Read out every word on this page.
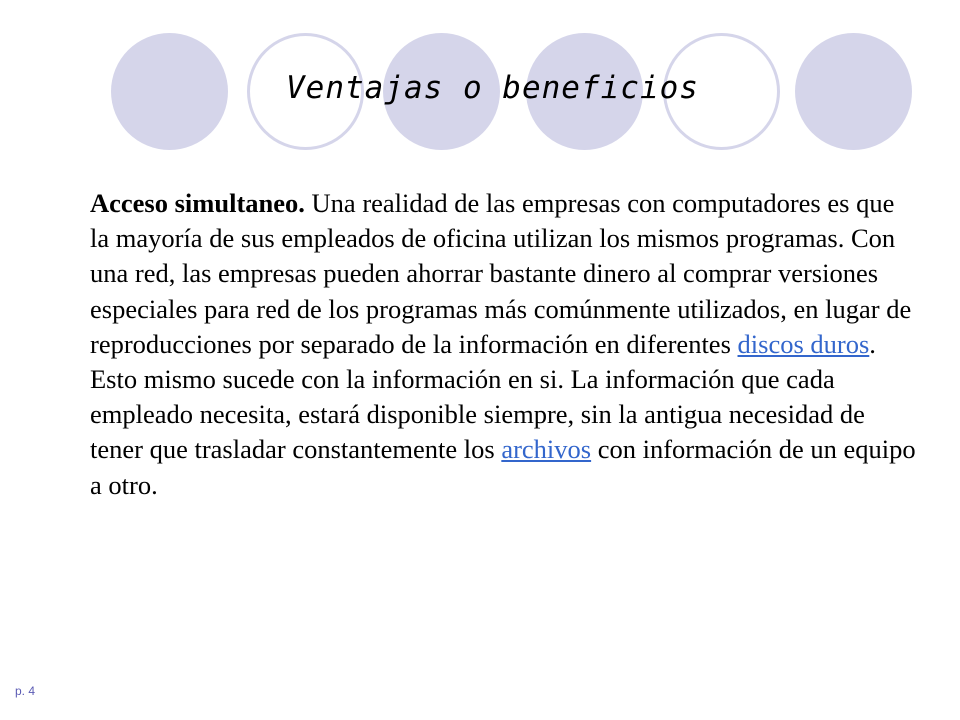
Ventajas o beneficios

Acceso simultaneo. Una realidad de las empresas con computadores es que la mayoría de sus empleados de oficina utilizan los mismos programas. Con una red, las empresas pueden ahorrar bastante dinero al comprar versiones especiales para red de los programas más comúnmente utilizados, en lugar de reproducciones por separado de la información en diferentes discos duros. Esto mismo sucede con la información en si. La información que cada empleado necesita, estará disponible siempre, sin la antigua necesidad de tener que trasladar constantemente los archivos con información de un equipo a otro.

p. 4
